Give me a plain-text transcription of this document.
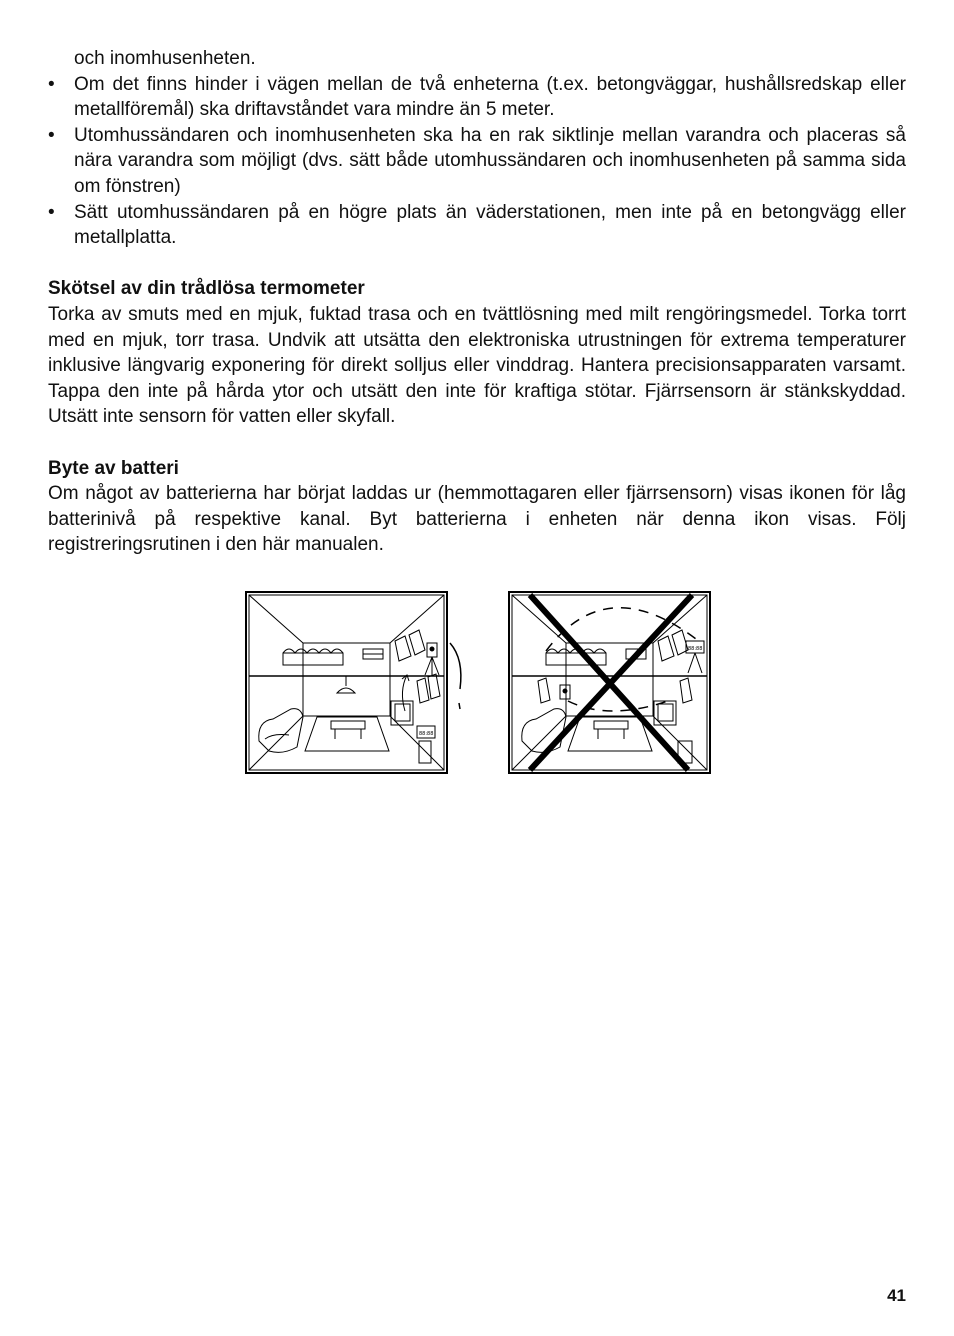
och inomhusenheten.

• Om det finns hinder i vägen mellan de två enheterna (t.ex. betongväggar, hushållsredskap eller metallföremål) ska driftavståndet vara mindre än 5 meter.
• Utomhussändaren och inomhusenheten ska ha en rak siktlinje mellan varandra och placeras så nära varandra som möjligt (dvs. sätt både utomhussändaren och inomhusenheten på samma sida om fönstren)
• Sätt utomhussändaren på en högre plats än väderstationen, men inte på en betongvägg eller metallplatta.
Skötsel av din trådlösa termometer

Torka av smuts med en mjuk, fuktad trasa och en tvättlösning med milt rengöringsmedel. Torka torrt med en mjuk, torr trasa. Undvik att utsätta den elektroniska utrustningen för extrema temperaturer inklusive längvarig exponering för direkt solljus eller vinddrag. Hantera precisionsapparaten varsamt. Tappa den inte på hårda ytor och utsätt den inte för kraftiga stötar. Fjärrsensorn är stänkskyddad. Utsätt inte sensorn för vatten eller skyfall.

Byte av batteri

Om något av batterierna har börjat laddas ur (hemmottagaren eller fjärrsensorn) visas ikonen för låg batterinivå på respektive kanal. Byt batterierna i enheten när denna ikon visas. Följ registreringsrutinen i den här manualen.

88:88
88:88
41
